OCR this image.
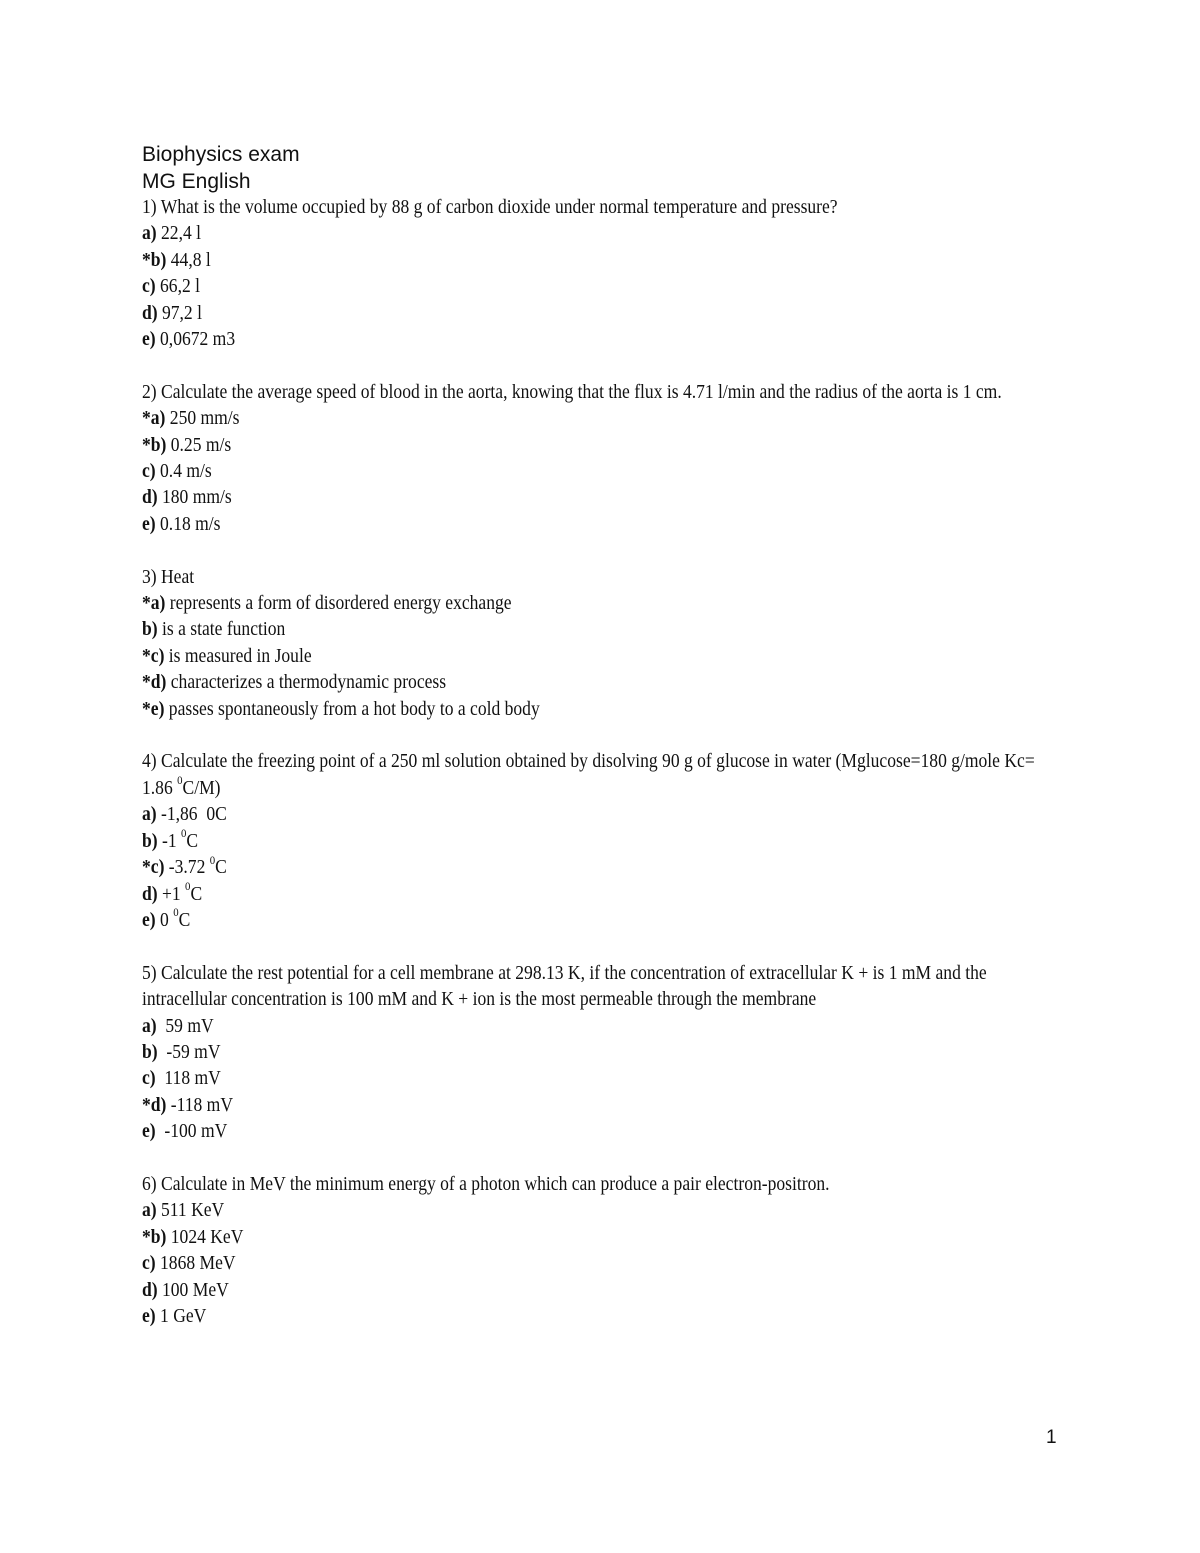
Biophysics exam
MG English
1) What is the volume occupied by 88 g of carbon dioxide under normal temperature and pressure?
a) 22,4 l
*b) 44,8 l
c) 66,2 l
d) 97,2 l
e) 0,0672 m3
2) Calculate the average speed of blood in the aorta, knowing that the flux is 4.71 l/min and the radius of the aorta is 1 cm.
*a) 250 mm/s
*b) 0.25 m/s
c) 0.4 m/s
d) 180 mm/s
e) 0.18 m/s
3) Heat
*a) represents a form of disordered energy exchange
b) is a state function
*c) is measured in Joule
*d) characterizes a thermodynamic process
*e) passes spontaneously from a hot body to a cold body
4) Calculate the freezing point of a 250 ml solution obtained by disolving 90 g of glucose in water (Mglucose=180 g/mole Kc= 1.86 $^0$C/M)
a) -1,86  0C
b) -1 $^0$C
*c) -3.72 $^0$C
d) +1 $^0$C
e) 0 $^0$C
5) Calculate the rest potential for a cell membrane at 298.13 K, if the concentration of extracellular K + is 1 mM and the intracellular concentration is 100 mM and K + ion is the most permeable through the membrane
a)  59 mV
b)  -59 mV
c)  118 mV
*d) -118 mV
e)  -100 mV
6) Calculate in MeV the minimum energy of a photon which can produce a pair electron-positron.
a) 511 KeV
*b) 1024 KeV
c) 1868 MeV
d) 100 MeV
e) 1 GeV
1
